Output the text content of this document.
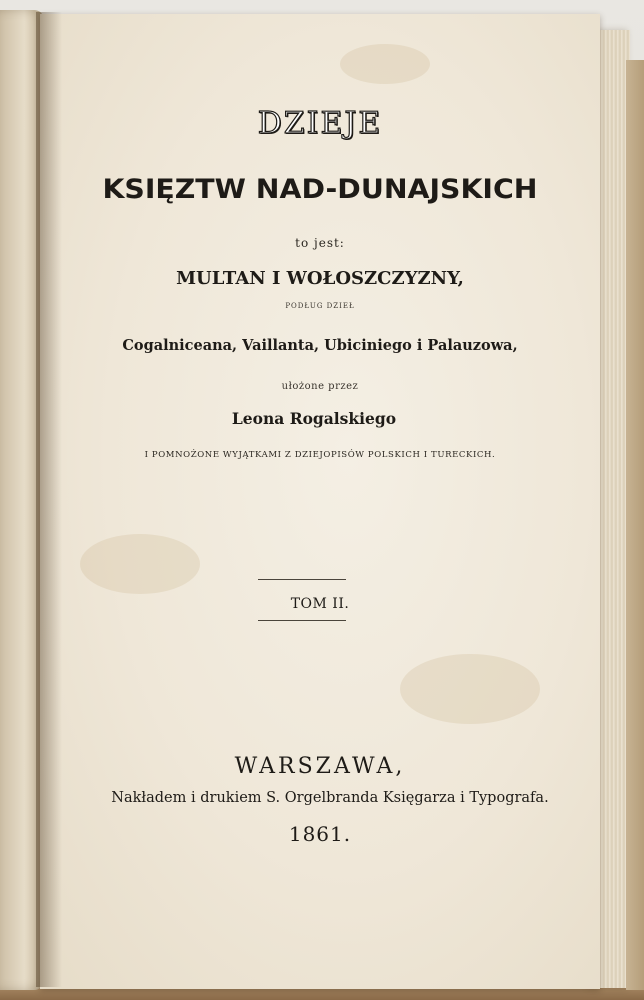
DZIEJE
KSIĘZTW NAD-DUNAJSKICH
to jest:
MULTAN I WOŁOSZCZYZNY,
PODŁUG DZIEŁ
Cogalniceana, Vaillanta, Ubiciniego i Palauzowa,
ułożone przez
Leona Rogalskiego
I POMNOŻONE WYJĄTKAMI Z DZIEJOPISÓW POLSKICH I TURECKICH.
TOM II.
WARSZAWA,
Nakładem i drukiem S. Orgelbranda Księgarza i Typografa.
1861.
